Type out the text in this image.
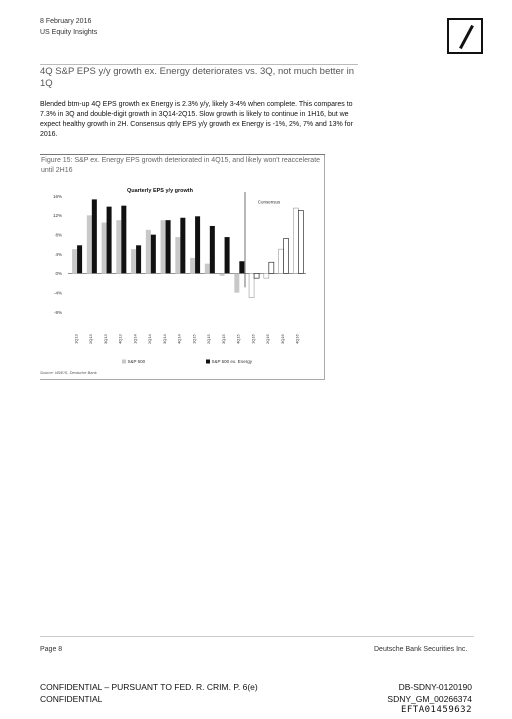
8 February 2016
US Equity Insights
4Q S&P EPS y/y growth ex. Energy deteriorates vs. 3Q, not much better in 1Q
Blended btm-up 4Q EPS growth ex Energy is 2.3% y/y, likely 3-4% when complete. This compares to 7.3% in 3Q and double-digit growth in 3Q14-2Q15. Slow growth is likely to continue in 1H16, but we expect healthy growth in 2H. Consensus qtrly EPS y/y growth ex Energy is -1%, 2%, 7% and 13% for 2016.
Figure 15: S&P ex. Energy EPS growth deteriorated in 4Q15, and likely won't reaccelerate until 2H16
Quarterly EPS y/y growth
16%
12%
8%
4%
0%
-4%
-8%
Consensus
1Q13 2Q13 3Q13 4Q13 1Q14 2Q14 3Q14 4Q14 1Q15 2Q15 3Q15 4Q15 1Q16 2Q16 3Q16 4Q16
S&P 500	S&P 500 ex. Energy
Source: I/B/E/S, Deutsche Bank
Page 8	Deutsche Bank Securities Inc.
CONFIDENTIAL – PURSUANT TO FED. R. CRIM. P. 6(e)
CONFIDENTIAL
DB-SDNY-0120190
SDNY_GM_00266374
EFTA01459632
